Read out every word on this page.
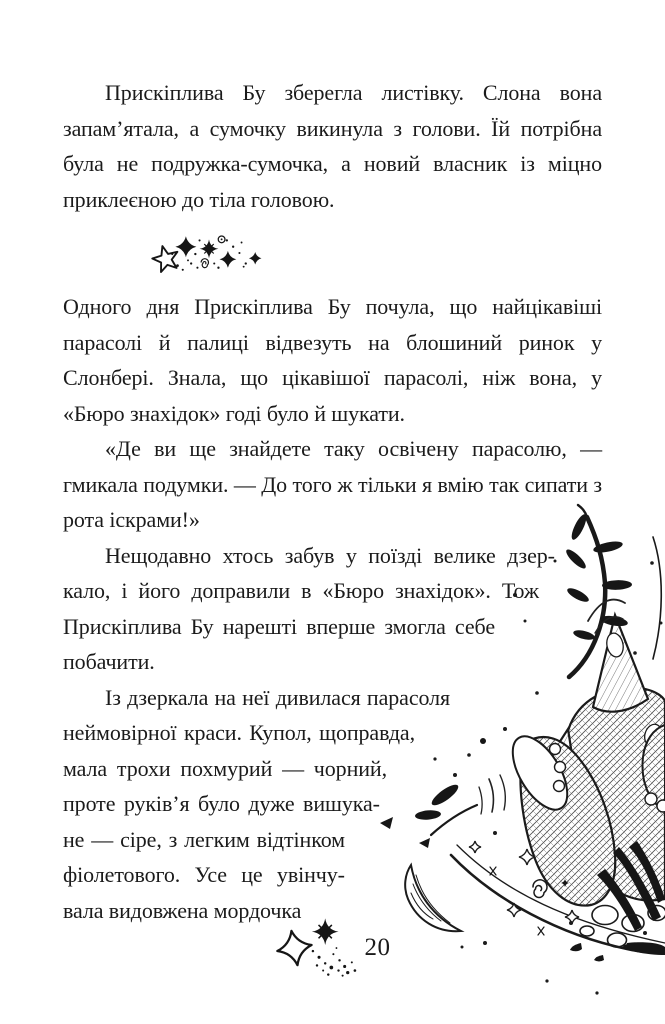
Прискіплива Бу зберегла листівку. Слона вона запам’ятала, а сумочку викинула з голови. Їй потрібна була не подружка-сумочка, а новий власник із міцно приклеєною до тіла головою.

Одного дня Прискіплива Бу почула, що найцікавіші парасолі й палиці відвезуть на блошиний ринок у Слонбері. Знала, що цікавішої парасолі, ніж вона, у «Бюро знахідок» годі було й шукати.

«Де ви ще знайдете таку освічену парасолю, — гмикала подумки. — До того ж тільки я вмію так сипати з рота іскрами!»

Нещодавно хтось забув у поїзді велике дзеркало, і його доправили в «Бюро знахідок». Тож Прискіплива Бу нарешті вперше змогла себе побачити.

Із дзеркала на неї дивилася парасоля неймовірної краси. Купол, щоправда, мала трохи похмурий — чорний, проте руків’я було дуже вишукане — сіре, з легким відтінком фіолетового. Усе це увінчувала видовжена мордочка

20
